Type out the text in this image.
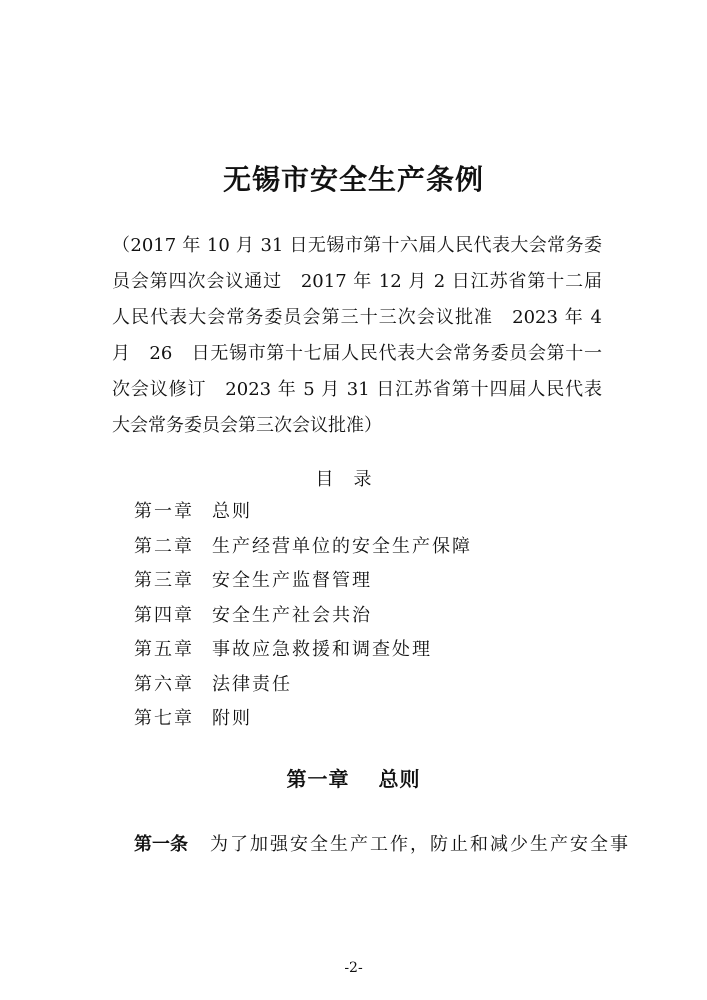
无锡市安全生产条例
（2017 年 10 月 31 日无锡市第十六届人民代表大会常务委
员会第四次会议通过　2017 年 12 月 2 日江苏省第十二届
人民代表大会常务委员会第三十三次会议批准　2023 年 4
月　26　日无锡市第十七届人民代表大会常务委员会第十一
次会议修订　2023 年 5 月 31 日江苏省第十四届人民代表
大会常务委员会第三次会议批准）
目录
第一章 总则
第二章 生产经营单位的安全生产保障
第三章 安全生产监督管理
第四章 安全生产社会共治
第五章 事故应急救援和调查处理
第六章 法律责任
第七章 附则
第一章　 总则
第一条 为了加强安全生产工作，防止和减少生产安全事
-2-
